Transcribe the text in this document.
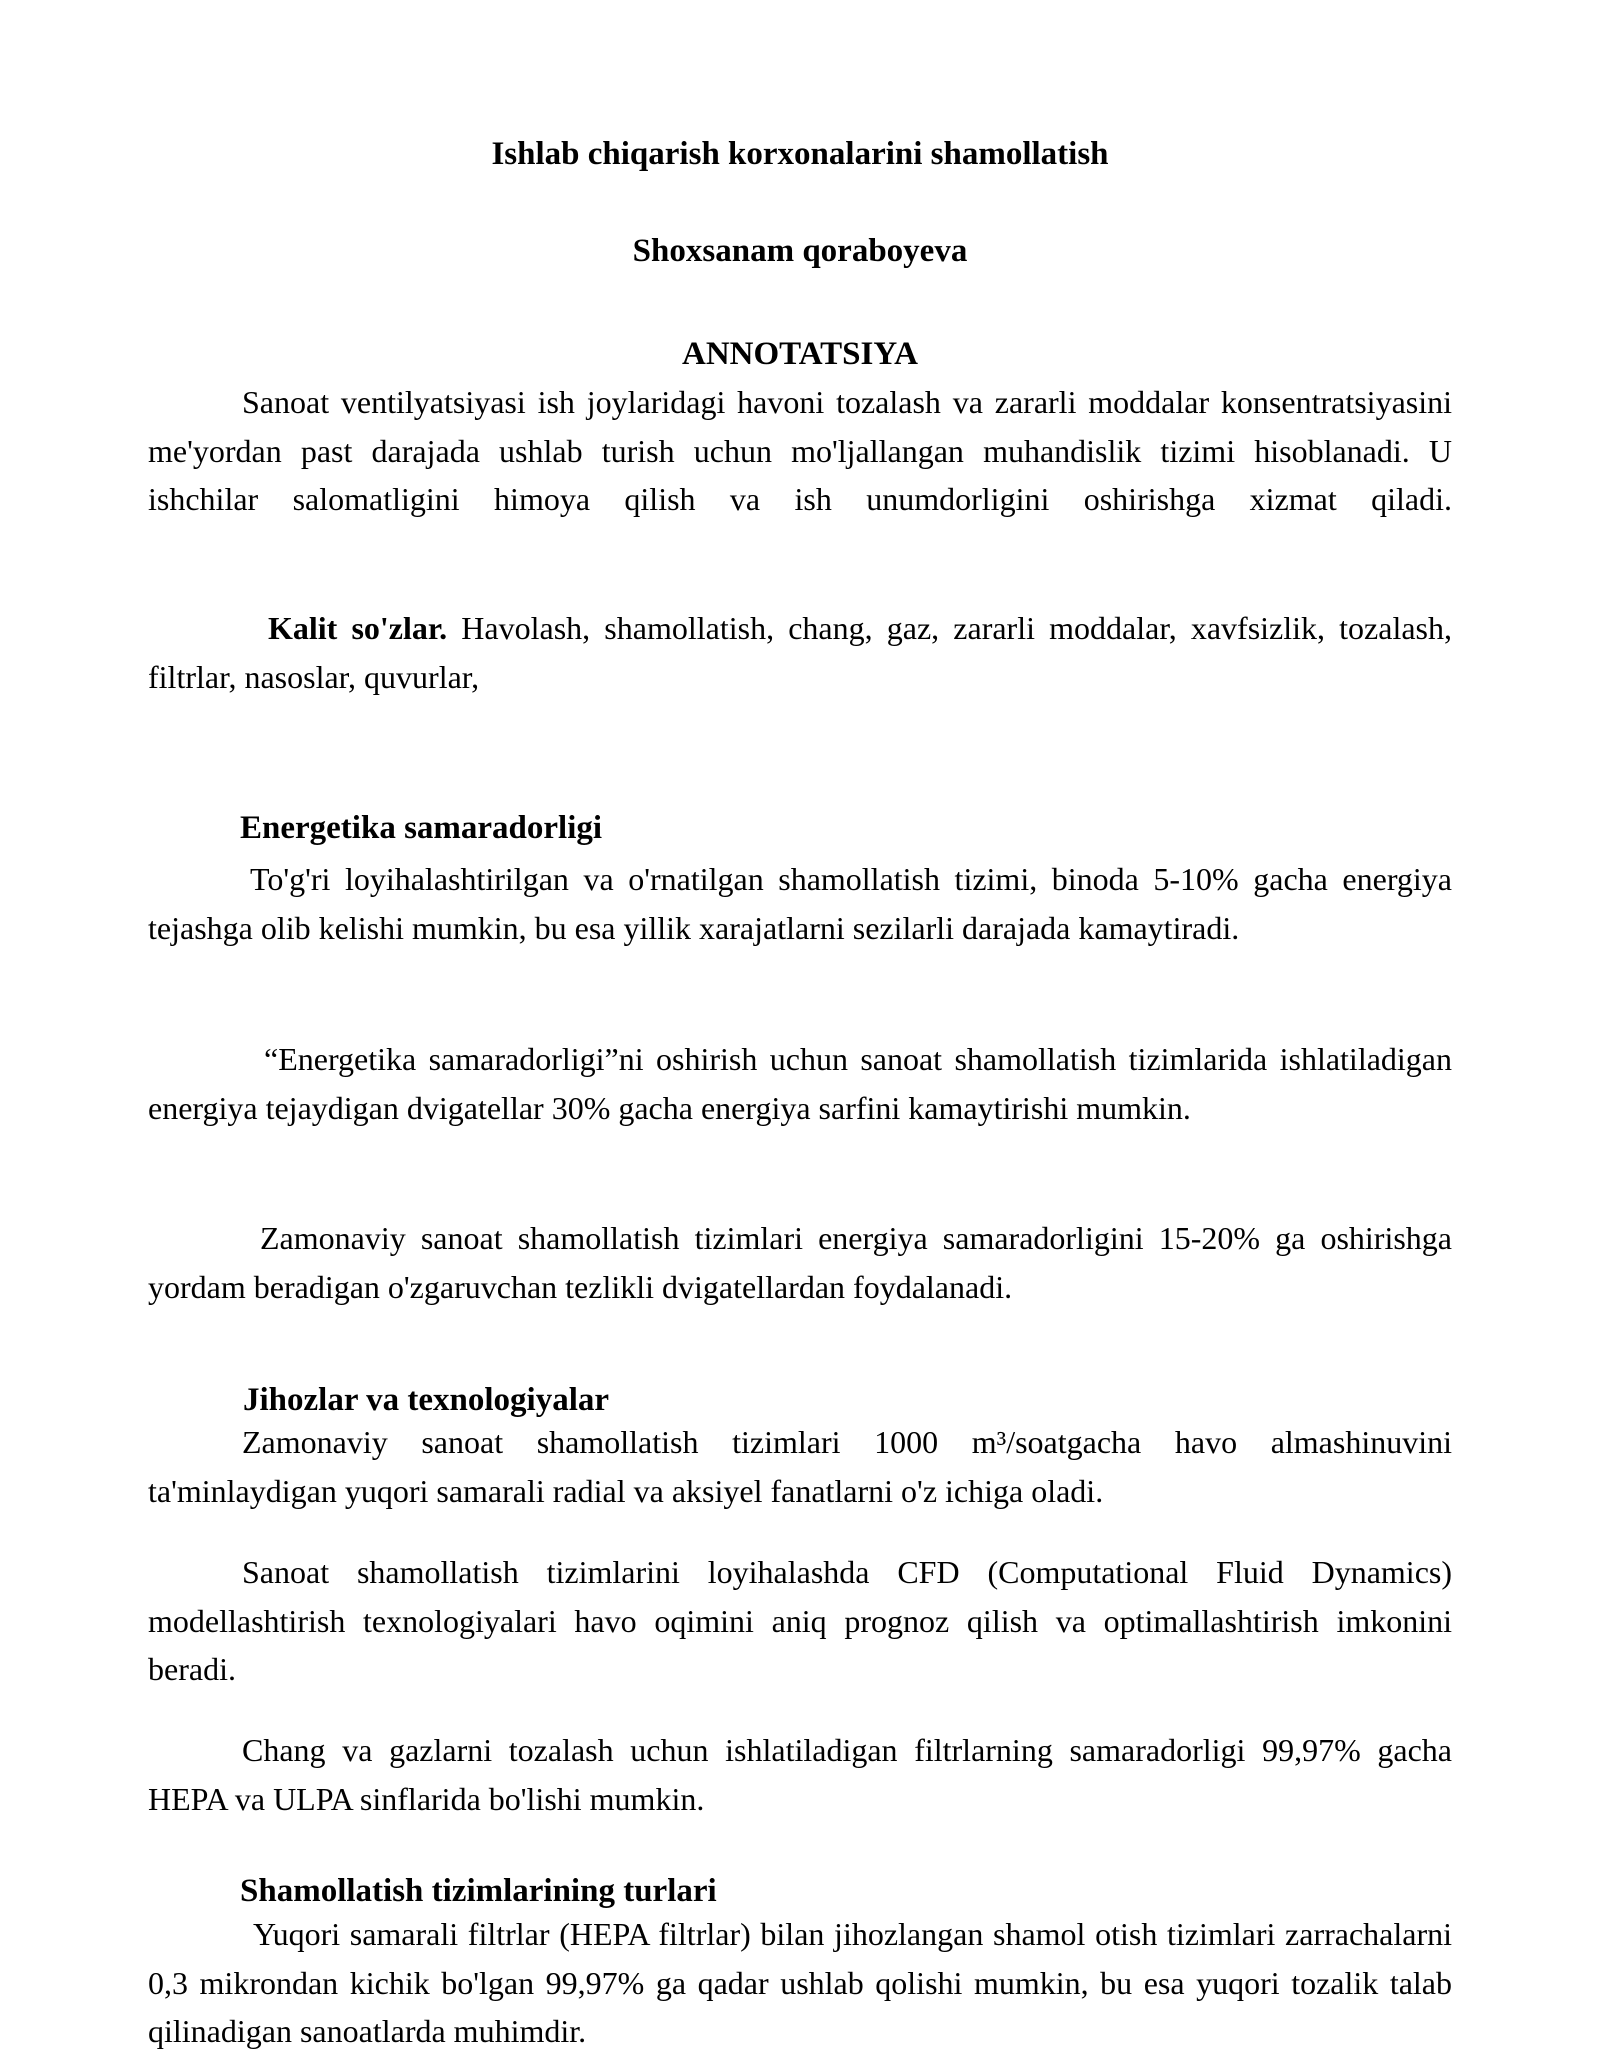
Ishlab chiqarish korxonalarini shamollatish

Shoxsanam qoraboyeva

ANNOTATSIYA

Sanoat ventilyatsiyasi ish joylaridagi havoni tozalash va zararli moddalar konsentratsiyasini me'yordan past darajada ushlab turish uchun mo'ljallangan muhandislik tizimi hisoblanadi. U ishchilar salomatligini himoya qilish va ish unumdorligini oshirishga xizmat qiladi.

Kalit so'zlar. Havolash, shamollatish, chang, gaz, zararli moddalar, xavfsizlik, tozalash, filtrlar, nasoslar, quvurlar,

Energetika samaradorligi

To'g'ri loyihalashtirilgan va o'rnatilgan shamollatish tizimi, binoda 5-10% gacha energiya tejashga olib kelishi mumkin, bu esa yillik xarajatlarni sezilarli darajada kamaytiradi.

“Energetika samaradorligi”ni oshirish uchun sanoat shamollatish tizimlarida ishlatiladigan energiya tejaydigan dvigatellar 30% gacha energiya sarfini kamaytirishi mumkin.

Zamonaviy sanoat shamollatish tizimlari energiya samaradorligini 15-20% ga oshirishga yordam beradigan o'zgaruvchan tezlikli dvigatellardan foydalanadi.

Jihozlar va texnologiyalar

Zamonaviy sanoat shamollatish tizimlari 1000 m³/soatgacha havo almashinuvini ta'minlaydigan yuqori samarali radial va aksiyel fanatlarni o'z ichiga oladi.

Sanoat shamollatish tizimlarini loyihalashda CFD (Computational Fluid Dynamics) modellashtirish texnologiyalari havo oqimini aniq prognoz qilish va optimallashtirish imkonini beradi.

Chang va gazlarni tozalash uchun ishlatiladigan filtrlarning samaradorligi 99,97% gacha HEPA va ULPA sinflarida bo'lishi mumkin.

Shamollatish tizimlarining turlari

Yuqori samarali filtrlar (HEPA filtrlar) bilan jihozlangan shamol otish tizimlari zarrachalarni 0,3 mikrondan kichik bo'lgan 99,97% ga qadar ushlab qolishi mumkin, bu esa yuqori tozalik talab qilinadigan sanoatlarda muhimdir.
